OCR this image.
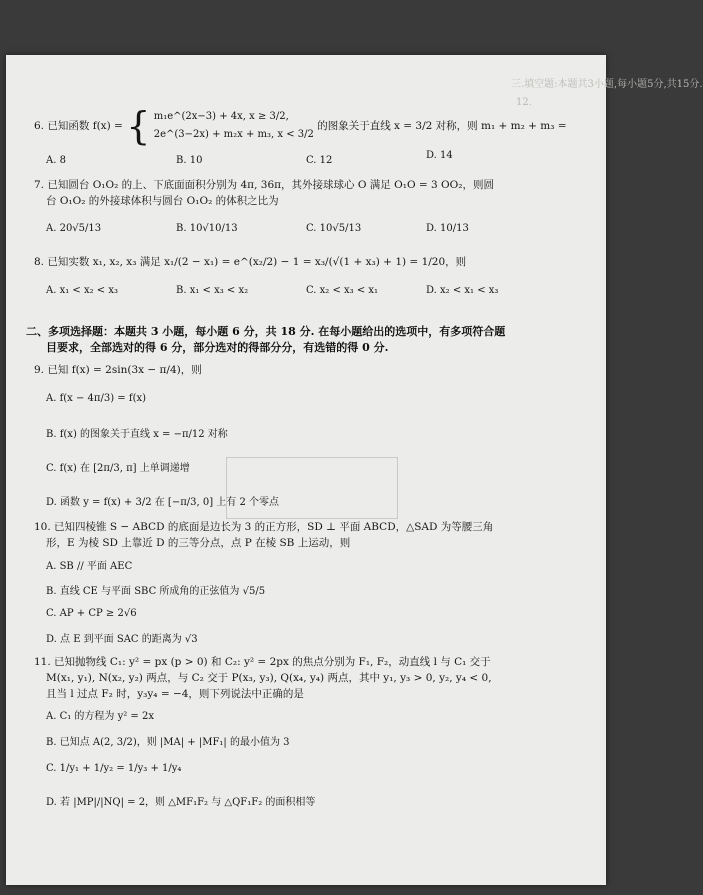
三.填空题:本题共3小题,每小题5分,共15分.
12.
6. 已知函数 f(x) = { m₁e^(2x−3) + 4x, x ≥ 3/2,
2e^(3−2x) + m₂x + m₃, x < 3/2 的图象关于直线 x = 3/2 对称，则 m₁ + m₂ + m₃ =
A. 8	B. 10	C. 12	D. 14
7. 已知圆台 O₁O₂ 的上、下底面面积分别为 4π, 36π，其外接球球心 O 满足 O₁O = 3 OO₂，则圆
台 O₁O₂ 的外接球体积与圆台 O₁O₂ 的体积之比为
A. 20√5/13	B. 10√10/13	C. 10√5/13	D. 10/13
8. 已知实数 x₁, x₂, x₃ 满足 x₁/(2 − x₁) = e^(x₂/2) − 1 = x₃/(√(1 + x₃) + 1) = 1/20，则
A. x₁ < x₂ < x₃	B. x₁ < x₃ < x₂	C. x₂ < x₃ < x₁	D. x₂ < x₁ < x₃
二、多项选择题：本题共 3 小题，每小题 6 分，共 18 分. 在每小题给出的选项中，有多项符合题
目要求，全部选对的得 6 分，部分选对的得部分分，有选错的得 0 分.
9. 已知 f(x) = 2sin(3x − π/4)，则
A. f(x − 4π/3) = f(x)
B. f(x) 的图象关于直线 x = −π/12 对称
C. f(x) 在 [2π/3, π] 上单调递增
D. 函数 y = f(x) + 3/2 在 [−π/3, 0] 上有 2 个零点
10. 已知四棱锥 S − ABCD 的底面是边长为 3 的正方形，SD ⊥ 平面 ABCD，△SAD 为等腰三角
形，E 为棱 SD 上靠近 D 的三等分点，点 P 在棱 SB 上运动，则
A. SB // 平面 AEC
B. 直线 CE 与平面 SBC 所成角的正弦值为 √5/5
C. AP + CP ≥ 2√6
D. 点 E 到平面 SAC 的距离为 √3
11. 已知抛物线 C₁: y² = px (p > 0) 和 C₂: y² = 2px 的焦点分别为 F₁, F₂，动直线 l 与 C₁ 交于
M(x₁, y₁), N(x₂, y₂) 两点，与 C₂ 交于 P(x₃, y₃), Q(x₄, y₄) 两点，其中 y₁, y₃ > 0, y₂, y₄ < 0,
且当 l 过点 F₂ 时，y₃y₄ = −4，则下列说法中正确的是
A. C₁ 的方程为 y² = 2x
B. 已知点 A(2, 3/2)，则 |MA| + |MF₁| 的最小值为 3
C. 1/y₁ + 1/y₂ = 1/y₃ + 1/y₄
D. 若 |MP|/|NQ| = 2，则 △MF₁F₂ 与 △QF₁F₂ 的面积相等
